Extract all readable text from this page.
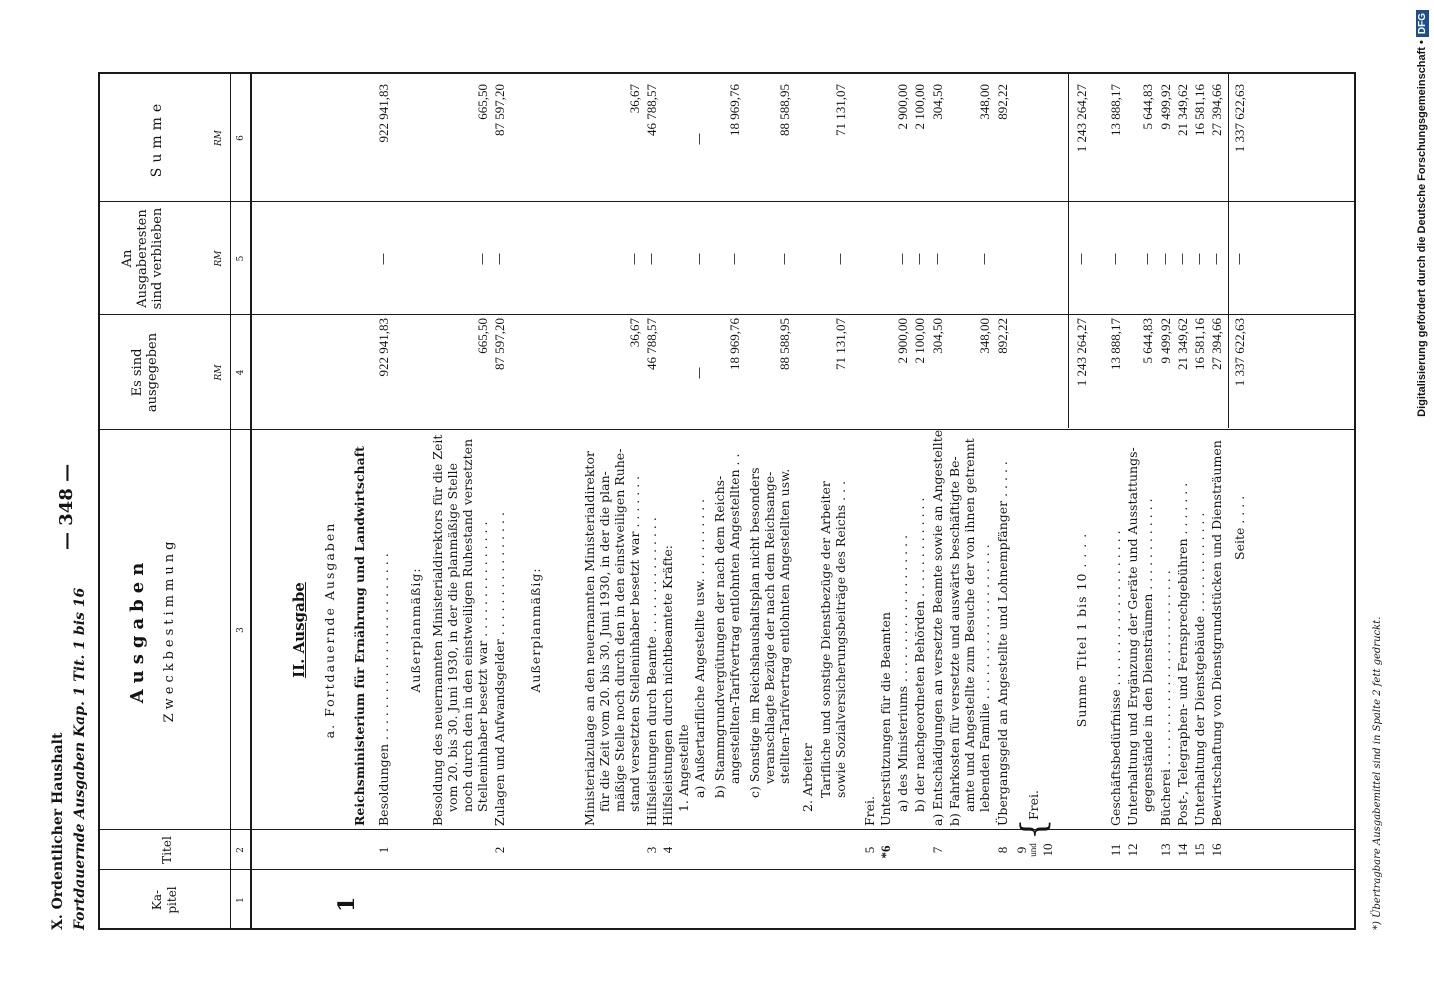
X. Ordentlicher Haushalt Fortdauernde Ausgaben Kap. 1 Tit. 1 bis 16
— 348 —
Ka-
pitel
Titel
Ausgaben Zweckbestimmung
Es sind
ausgegeben
An
Ausgaberesten
sind verblieben
Summe
RM
RM
RM
1
2
3
4
5
6
II. Ausgabe a. Fortdauernde Ausgaben
1
Reichsministerium für Ernährung und Landwirtschaft
1
Besoldungen . . . . . . . . . . . . . . . . . . . . . . . .
922 941,83
—
922 941,83
Außerplanmäßig: Besoldung des neuernannten Ministerialdirektors für die Zeit vom 20. bis 30. Juni 1930, in der die planmäßige Stelle noch durch den in den einstweiligen Ruhestand versetzten Stelleninhaber besetzt war . . . . . . . . . . . . . . .
665,50
—
665,50
2
Zulagen und Aufwandsgelder . . . . . . . . . . . . . . . .
87 597,20
—
87 597,20
Außerplanmäßig:	Ministerialzulage an den neuernannten Ministerialdirektor für die Zeit vom 20. bis 30. Juni 1930, in der die plan- mäßige Stelle noch durch den in den einstweiligen Ruhe- stand versetzten Stelleninhaber besetzt war . . . . . . .
36,67
—
36,67
3
Hilfsleistungen durch Beamte . . . . . . . . . . . . . . .
46 788,57
—
46 788,57
4
Hilfsleistungen durch nichtbeamtete Kräfte: 1. Angestellte a) Außertarifliche Angestellte usw. . . . . . . . . . .
—
—
—
b) Stammgrundvergütungen der nach dem Reichs- angestellten-Tarifvertrag entlohnten Angestellten . .
18 969,76
—
18 969,76
c) Sonstige im Reichshaushaltsplan nicht besonders veranschlagte Bezüge der nach dem Reichsange- stellten-Tarifvertrag entlohnten Angestellten usw.
88 588,95
—
88 588,95
2. Arbeiter Tarifliche und sonstige Dienstbezüge der Arbeiter sowie Sozialversicherungsbeiträge des Reichs . . .
71 131,07
—
71 131,07
5
Frei.
*6
Unterstützungen für die Beamten a) des Ministeriums . . . . . . . . . . . . . . . . . . .
2 900,00
—
2 900,00
b) der nachgeordneten Behörden . . . . . . . . . . . . .
2 100,00
—
2 100,00
7
a) Entschädigungen an versetzte Beamte sowie an Angestellte
304,50
—
304,50
b) Fahrkosten für versetzte und auswärts beschäftigte Be- amte und Angestellte zum Besuche der von ihnen getrennt lebenden Familie . . . . . . . . . . . . . . . . . . . .
348,00
—
348,00
8
Übergangsgeld an Angestellte und Lohnempfänger . . . . .
892,22
892,22
9 und 10
{
Frei.
Summe Titel 1 bis 10 . . . .
1 243 264,27
—
1 243 264,27
11
Geschäftsbedürfnisse . . . . . . . . . . . . . . . . . . . .
13 888,17
—
13 888,17
12
Unterhaltung und Ergänzung der Geräte und Ausstattungs- gegenstände in den Diensträumen . . . . . . . . . . . .
5 644,83
—
5 644,83
13
Bücherei . . . . . . . . . . . . . . . . . . . . . . . . .
9 499,92
—
9 499,92
14
Post-, Telegraphen- und Fernsprechgebühren . . . . . . .
21 349,62
—
21 349,62
15
Unterhaltung der Dienstgebäude . . . . . . . . . . . . .
16 581,16
—
16 581,16
16
Bewirtschaftung von Dienstgrundstücken und Diensträumen
27 394,66
—
27 394,66
Seite . . . .
1 337 622,63
—
1 337 622,63
*) Übertragbare Ausgabemittel sind in Spalte 2 fett gedruckt.
Digitalisierung gefördert durch die Deutsche Forschungsgemeinschaft •DFG
